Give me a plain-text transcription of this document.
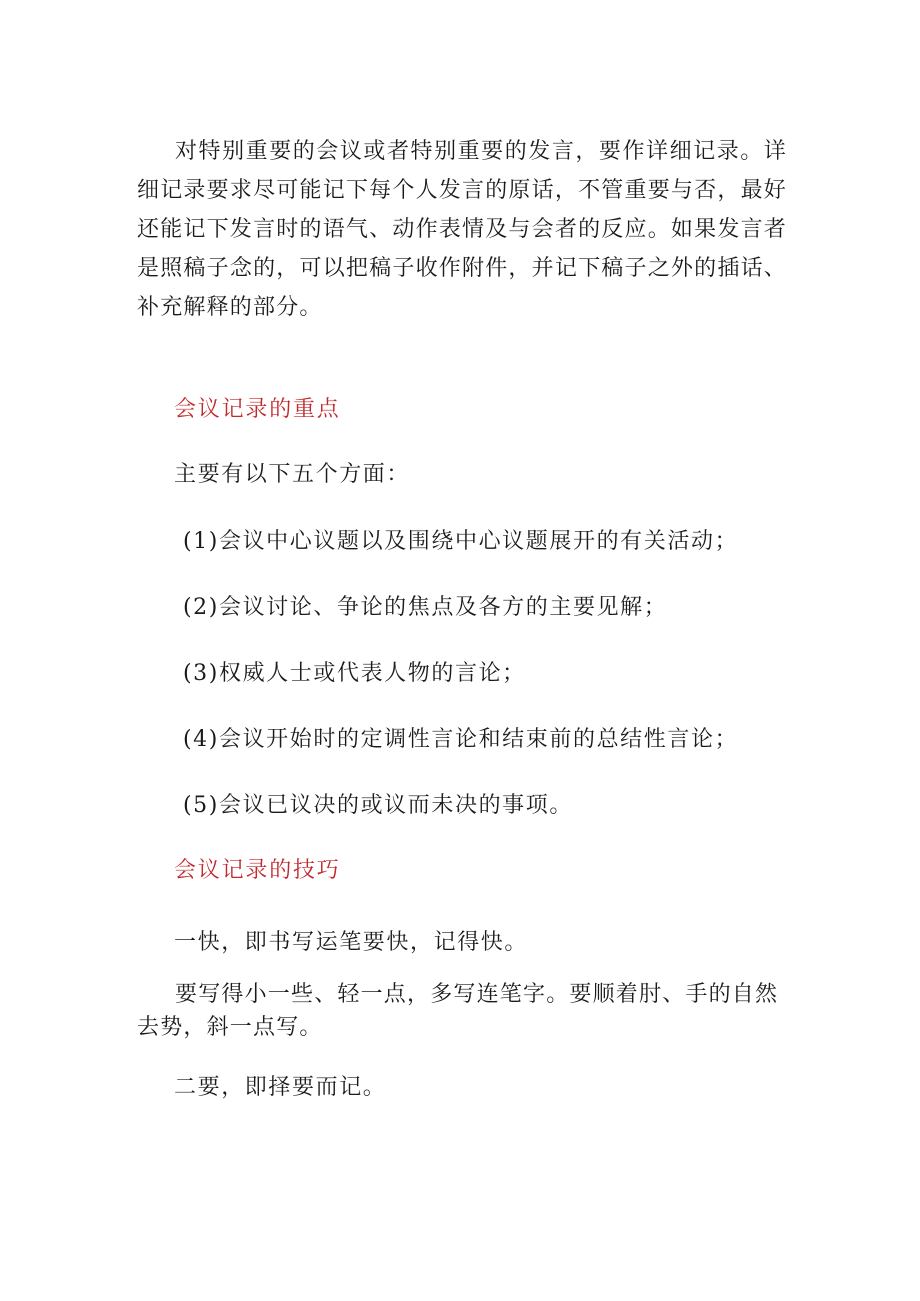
对特别重要的会议或者特别重要的发言，要作详细记录。详细记录要求尽可能记下每个人发言的原话，不管重要与否，最好还能记下发言时的语气、动作表情及与会者的反应。如果发言者是照稿子念的，可以把稿子收作附件，并记下稿子之外的插话、补充解释的部分。

会议记录的重点

主要有以下五个方面：

(1)会议中心议题以及围绕中心议题展开的有关活动；

(2)会议讨论、争论的焦点及各方的主要见解；

(3)权威人士或代表人物的言论；

(4)会议开始时的定调性言论和结束前的总结性言论；

(5)会议已议决的或议而未决的事项。

会议记录的技巧

一快，即书写运笔要快，记得快。

要写得小一些、轻一点，多写连笔字。要顺着肘、手的自然去势，斜一点写。

二要，即择要而记。
